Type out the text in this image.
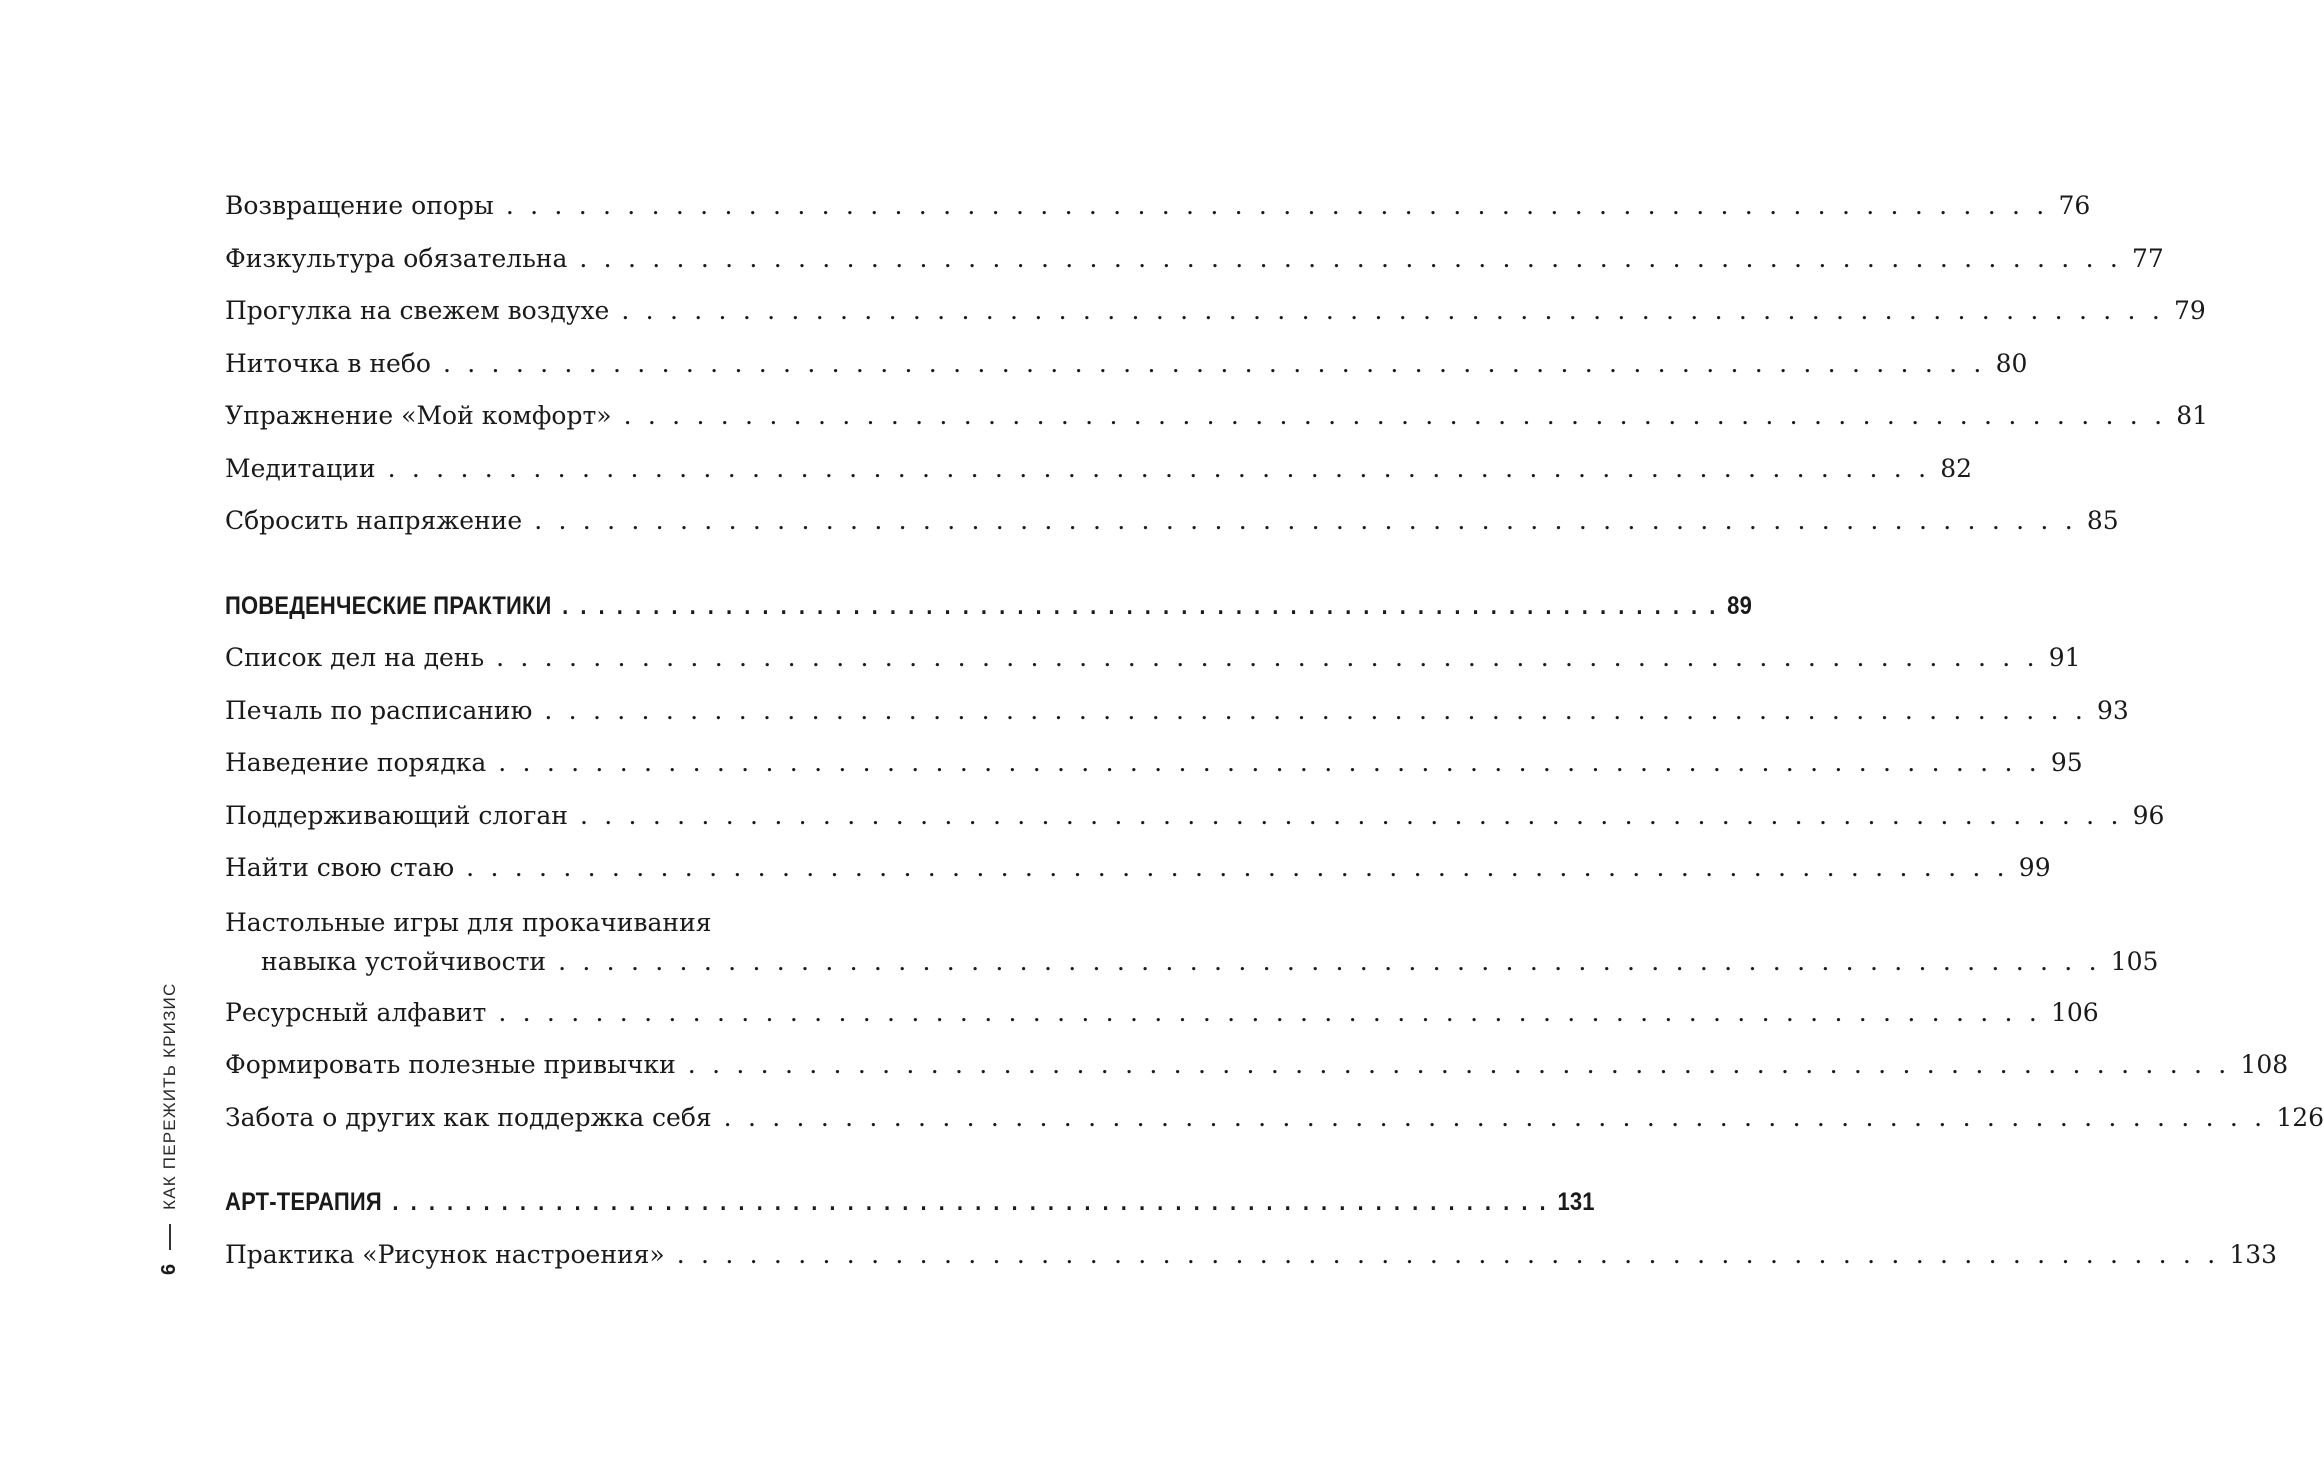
Возвращение опоры . . .	76
Физкультура обязательна . . .	77
Прогулка на свежем воздухе . . .	79
Ниточка в небо . . .	80
Упражнение «Мой комфорт» . . .	81
Медитации . . .	82
Сбросить напряжение . . .	85
ПОВЕДЕНЧЕСКИЕ ПРАКТИКИ . . .	89
Список дел на день . . .	91
Печаль по расписанию . . .	93
Наведение порядка . . .	95
Поддерживающий слоган . . .	96
Найти свою стаю . . .	99
Настольные игры для прокачивания
навыка устойчивости . . .	105
Ресурсный алфавит . . .	106
Формировать полезные привычки . . .	108
Забота о других как поддержка себя . . .	126
АРТ-ТЕРАПИЯ . . .	131
Практика «Рисунок настроения» . . .	133
6
КАК ПЕРЕЖИТЬ КРИЗИС
